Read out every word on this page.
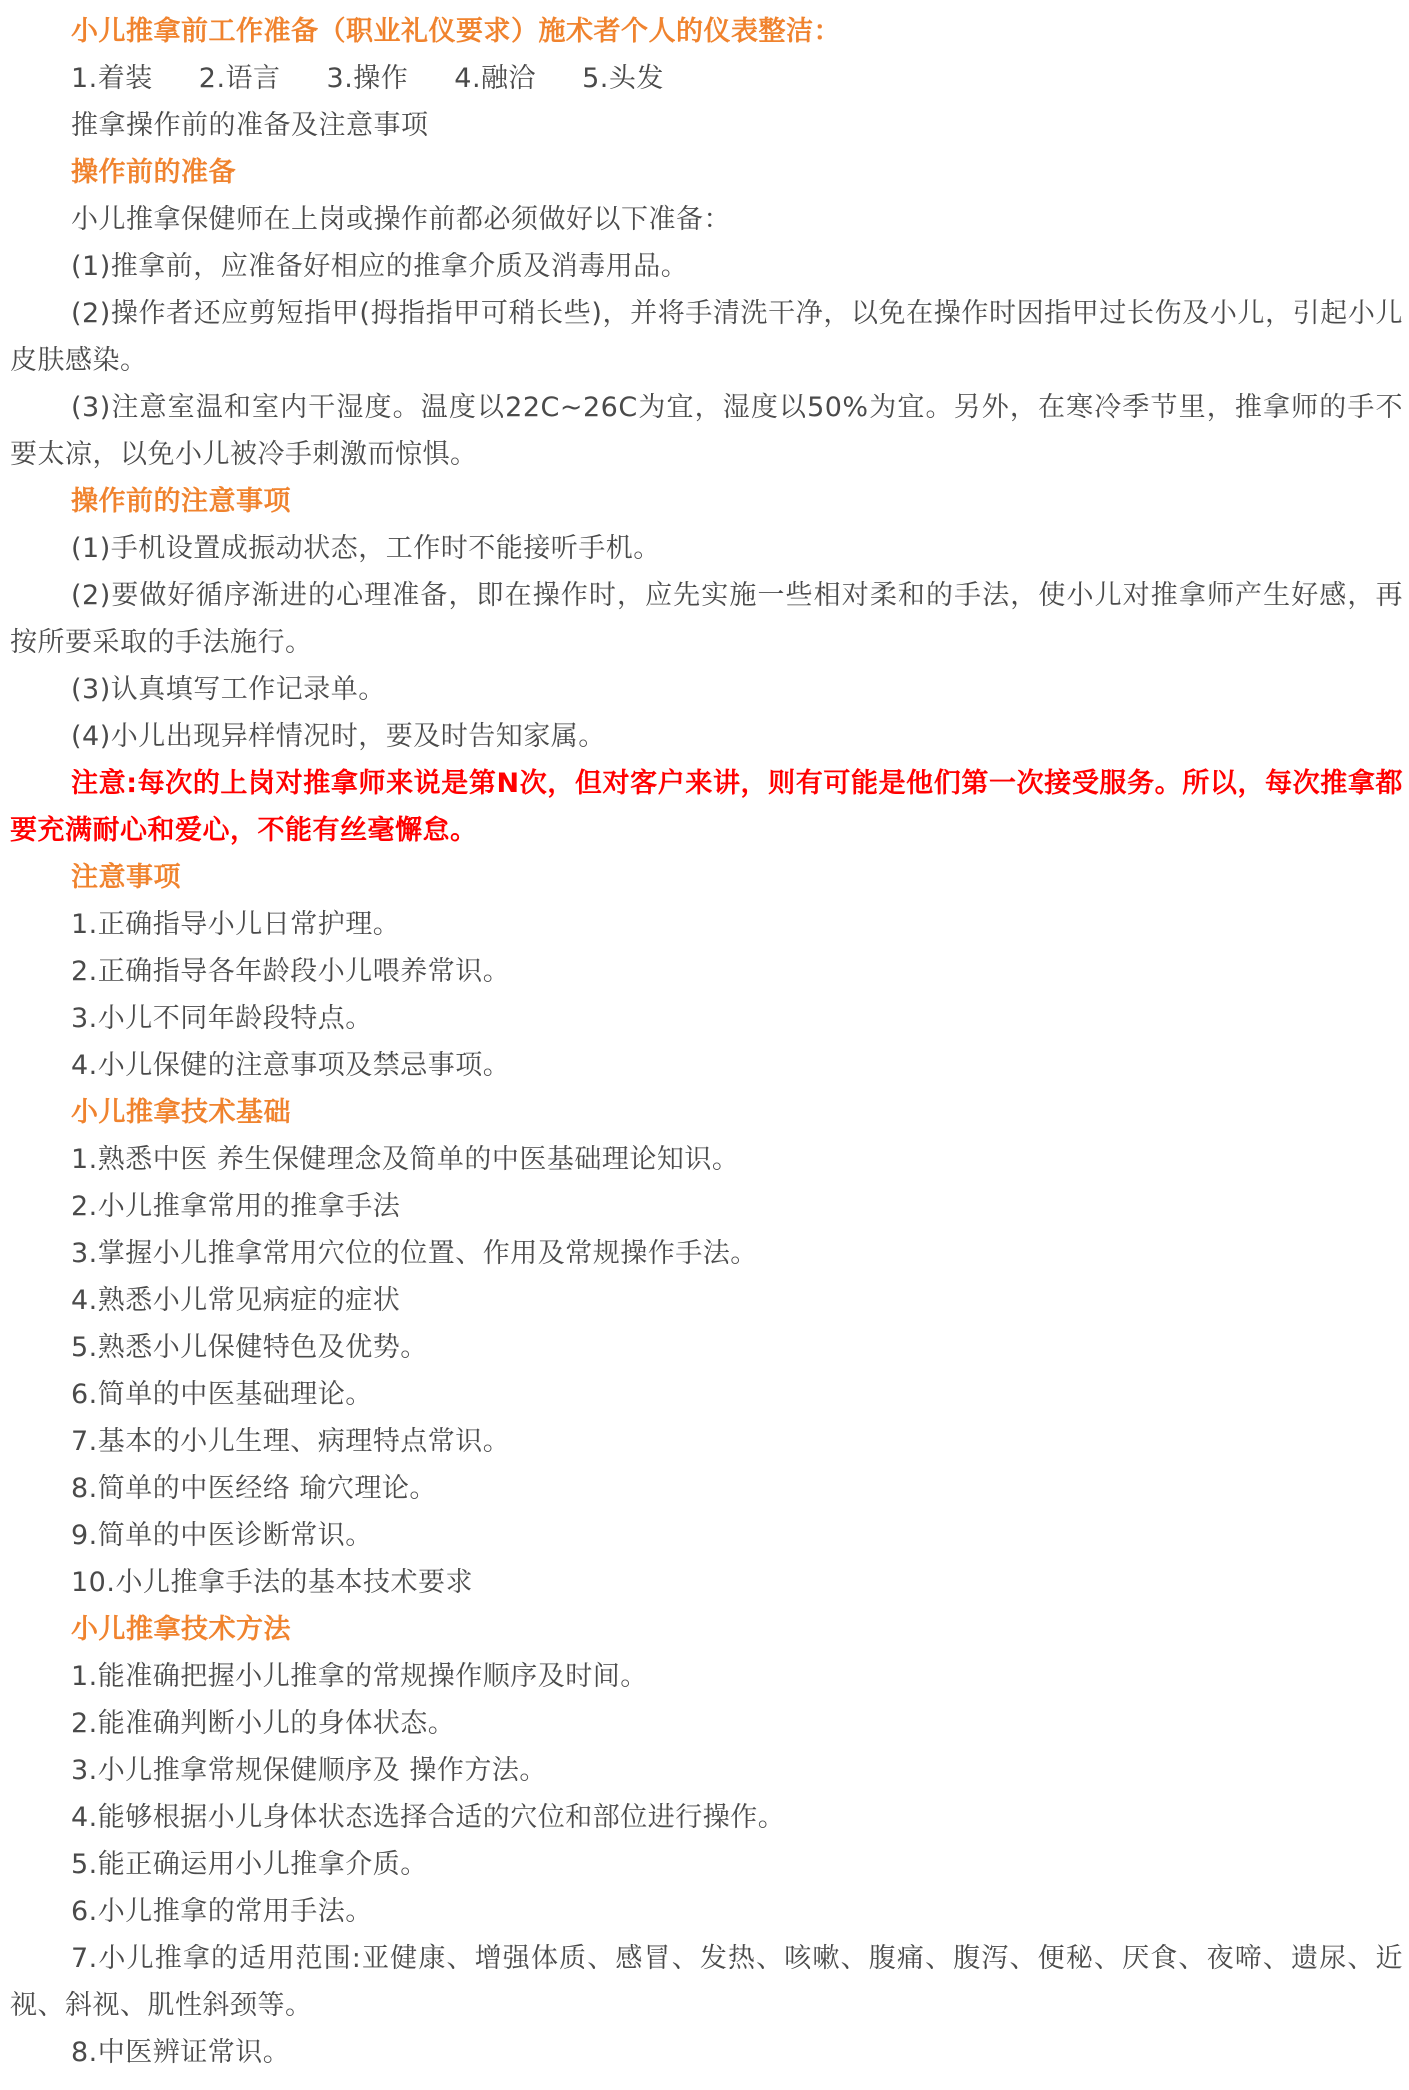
小儿推拿前工作准备（职业礼仪要求）施术者个人的仪表整洁：

1.着装 2.语言 3.操作 4.融洽 5.头发

推拿操作前的准备及注意事项

操作前的准备

小儿推拿保健师在上岗或操作前都必须做好以下准备：

(1)推拿前，应准备好相应的推拿介质及消毒用品。

(2)操作者还应剪短指甲(拇指指甲可稍长些)，并将手清洗干净，以免在操作时因指甲过长伤及小儿，引起小儿皮肤感染。

(3)注意室温和室内干湿度。温度以22C~26C为宜，湿度以50%为宜。另外，在寒冷季节里，推拿师的手不要太凉，以免小儿被冷手刺激而惊惧。

操作前的注意事项

(1)手机设置成振动状态，工作时不能接听手机。

(2)要做好循序渐进的心理准备，即在操作时，应先实施一些相对柔和的手法，使小儿对推拿师产生好感，再按所要采取的手法施行。

(3)认真填写工作记录单。

(4)小儿出现异样情况时，要及时告知家属。

注意:每次的上岗对推拿师来说是第N次，但对客户来讲，则有可能是他们第一次接受服务。所以，每次推拿都要充满耐心和爱心，不能有丝毫懈怠。

注意事项

1.正确指导小儿日常护理。

2.正确指导各年龄段小儿喂养常识。

3.小儿不同年龄段特点。

4.小儿保健的注意事项及禁忌事项。

小儿推拿技术基础

1.熟悉中医 养生保健理念及简单的中医基础理论知识。

2.小儿推拿常用的推拿手法

3.掌握小儿推拿常用穴位的位置、作用及常规操作手法。

4.熟悉小儿常见病症的症状

5.熟悉小儿保健特色及优势。

6.简单的中医基础理论。

7.基本的小儿生理、病理特点常识。

8.简单的中医经络 瑜穴理论。

9.简单的中医诊断常识。

10.小儿推拿手法的基本技术要求

小儿推拿技术方法

1.能准确把握小儿推拿的常规操作顺序及时间。

2.能准确判断小儿的身体状态。

3.小儿推拿常规保健顺序及 操作方法。

4.能够根据小儿身体状态选择合适的穴位和部位进行操作。

5.能正确运用小儿推拿介质。

6.小儿推拿的常用手法。

7.小儿推拿的适用范围:亚健康、增强体质、感冒、发热、咳嗽、腹痛、腹泻、便秘、厌食、夜啼、遗尿、近视、斜视、肌性斜颈等。

8.中医辨证常识。
